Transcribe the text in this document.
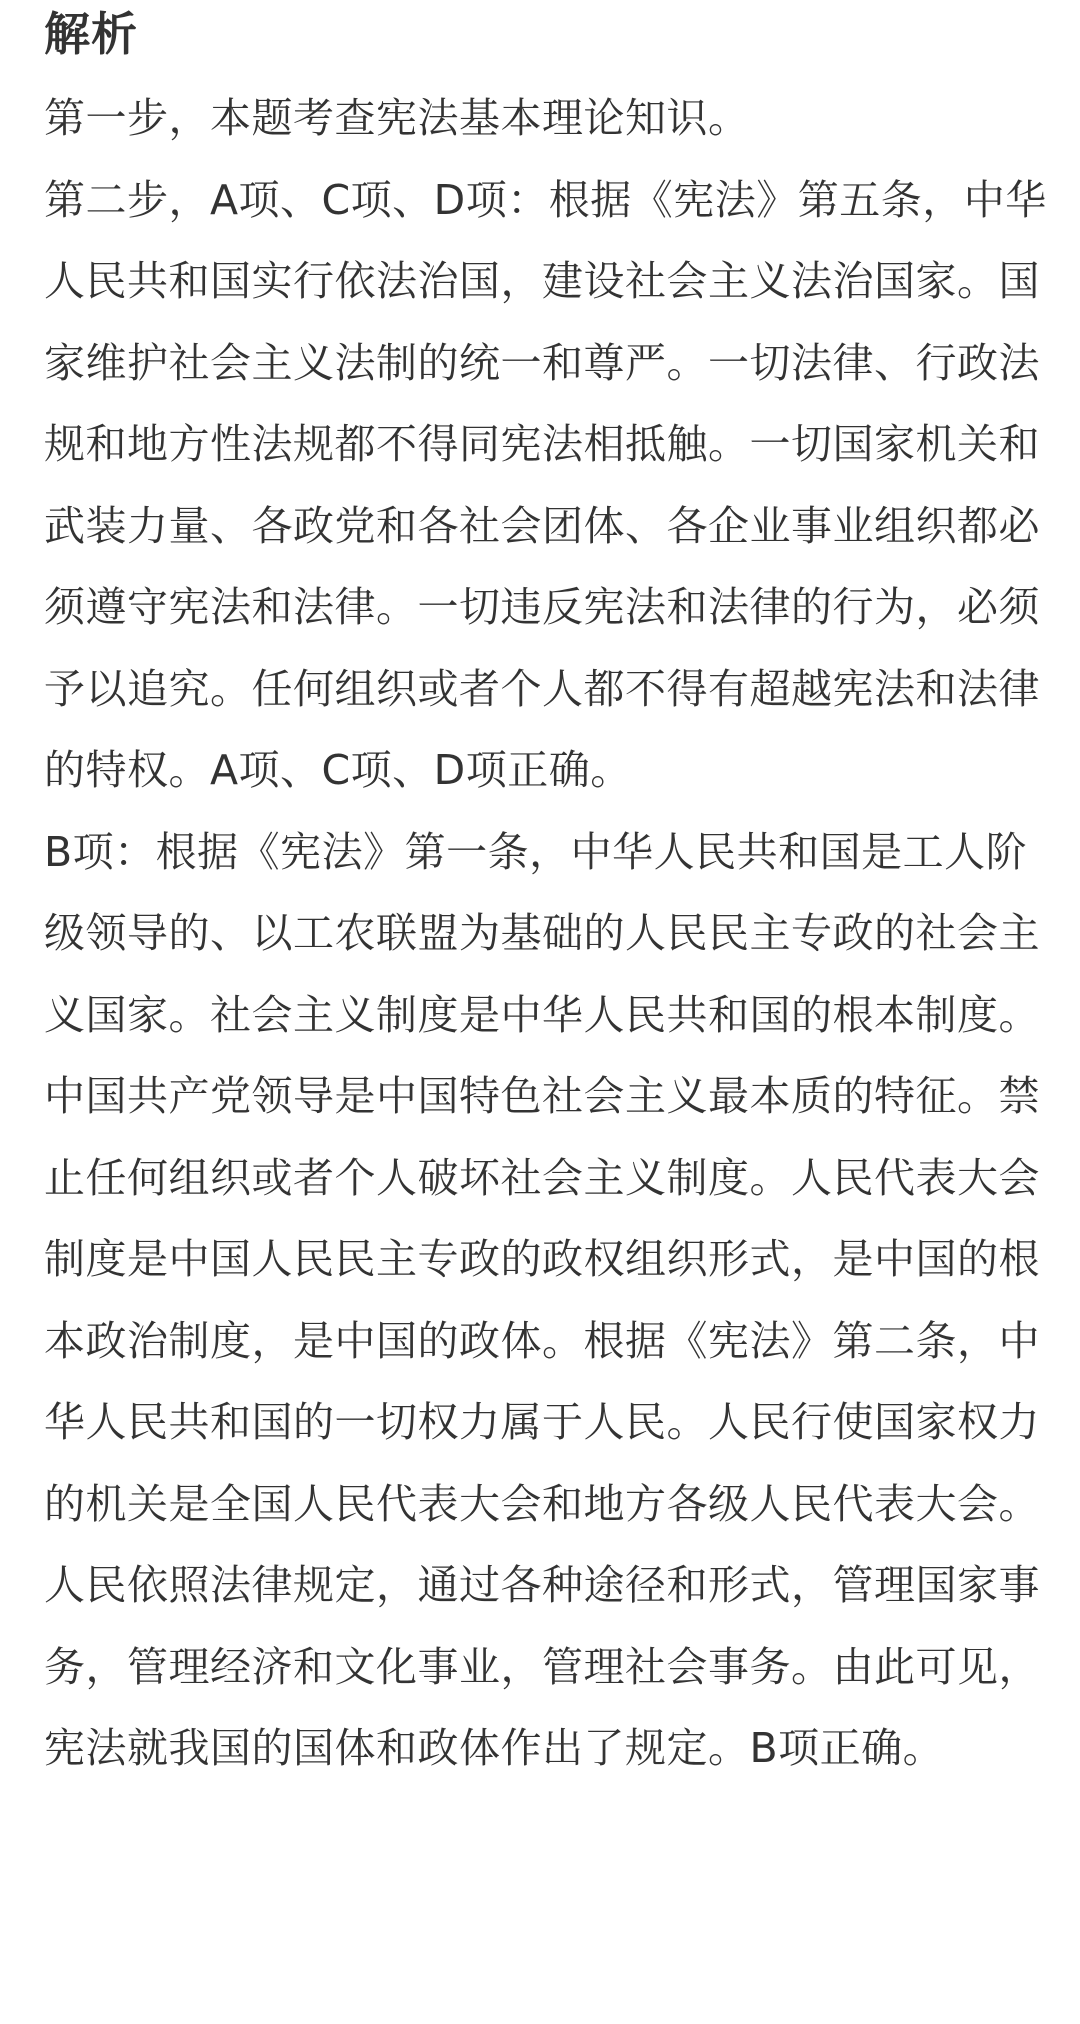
解析

第一步，本题考查宪法基本理论知识。

第二步，A项、C项、D项：根据《宪法》第五条，中华人民共和国实行依法治国，建设社会主义法治国家。国家维护社会主义法制的统一和尊严。一切法律、行政法规和地方性法规都不得同宪法相抵触。一切国家机关和武装力量、各政党和各社会团体、各企业事业组织都必须遵守宪法和法律。一切违反宪法和法律的行为，必须予以追究。任何组织或者个人都不得有超越宪法和法律的特权。A项、C项、D项正确。

B项：根据《宪法》第一条，中华人民共和国是工人阶级领导的、以工农联盟为基础的人民民主专政的社会主义国家。社会主义制度是中华人民共和国的根本制度。中国共产党领导是中国特色社会主义最本质的特征。禁止任何组织或者个人破坏社会主义制度。人民代表大会制度是中国人民民主专政的政权组织形式，是中国的根本政治制度，是中国的政体。根据《宪法》第二条，中华人民共和国的一切权力属于人民。人民行使国家权力的机关是全国人民代表大会和地方各级人民代表大会。人民依照法律规定，通过各种途径和形式，管理国家事务，管理经济和文化事业，管理社会事务。由此可见，宪法就我国的国体和政体作出了规定。B项正确。
